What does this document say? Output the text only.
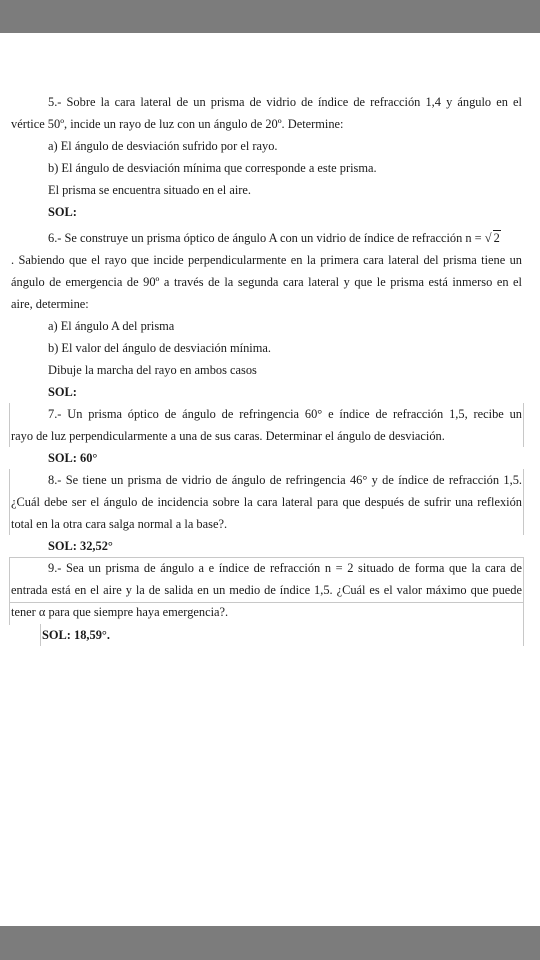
5.- Sobre la cara lateral de un prisma de vidrio de índice de refracción 1,4 y ángulo en el
vértice 50º, incide un rayo de luz con un ángulo de 20º. Determine:
a) El ángulo de desviación sufrido por el rayo.
b) El ángulo de desviación mínima que corresponde a este prisma.
El prisma se encuentra situado en el aire.
SOL:
6.- Se construye un prisma óptico de ángulo A con un vidrio de índice de refracción n = √ 2
. Sabiendo que el rayo que incide perpendicularmente en la primera cara lateral del prisma tiene un
ángulo de emergencia de 90º a través de la segunda cara lateral y que le prisma está inmerso en el
aire, determine:
a) El ángulo A del prisma
b) El valor del ángulo de desviación mínima.
Dibuje la marcha del rayo en ambos casos
SOL:
7.- Un prisma óptico de ángulo de refringencia 60° e índice de refracción 1,5, recibe un
rayo de luz perpendicularmente a una de sus caras. Determinar el ángulo de desviación.
SOL: 60°
8.- Se tiene un prisma de vidrio de ángulo de refringencia 46° y de índice de refracción 1,5.
¿Cuál debe ser el ángulo de incidencia sobre la cara lateral para que después de sufrir una reflexión
total en la otra cara salga normal a la base?.
SOL: 32,52°
9.- Sea un prisma de ángulo a e índice de refracción n = 2 situado de forma que la cara de
entrada está en el aire y la de salida en un medio de índice 1,5. ¿Cuál es el valor máximo que puede
tener α para que siempre haya emergencia?.
SOL: 18,59°.
